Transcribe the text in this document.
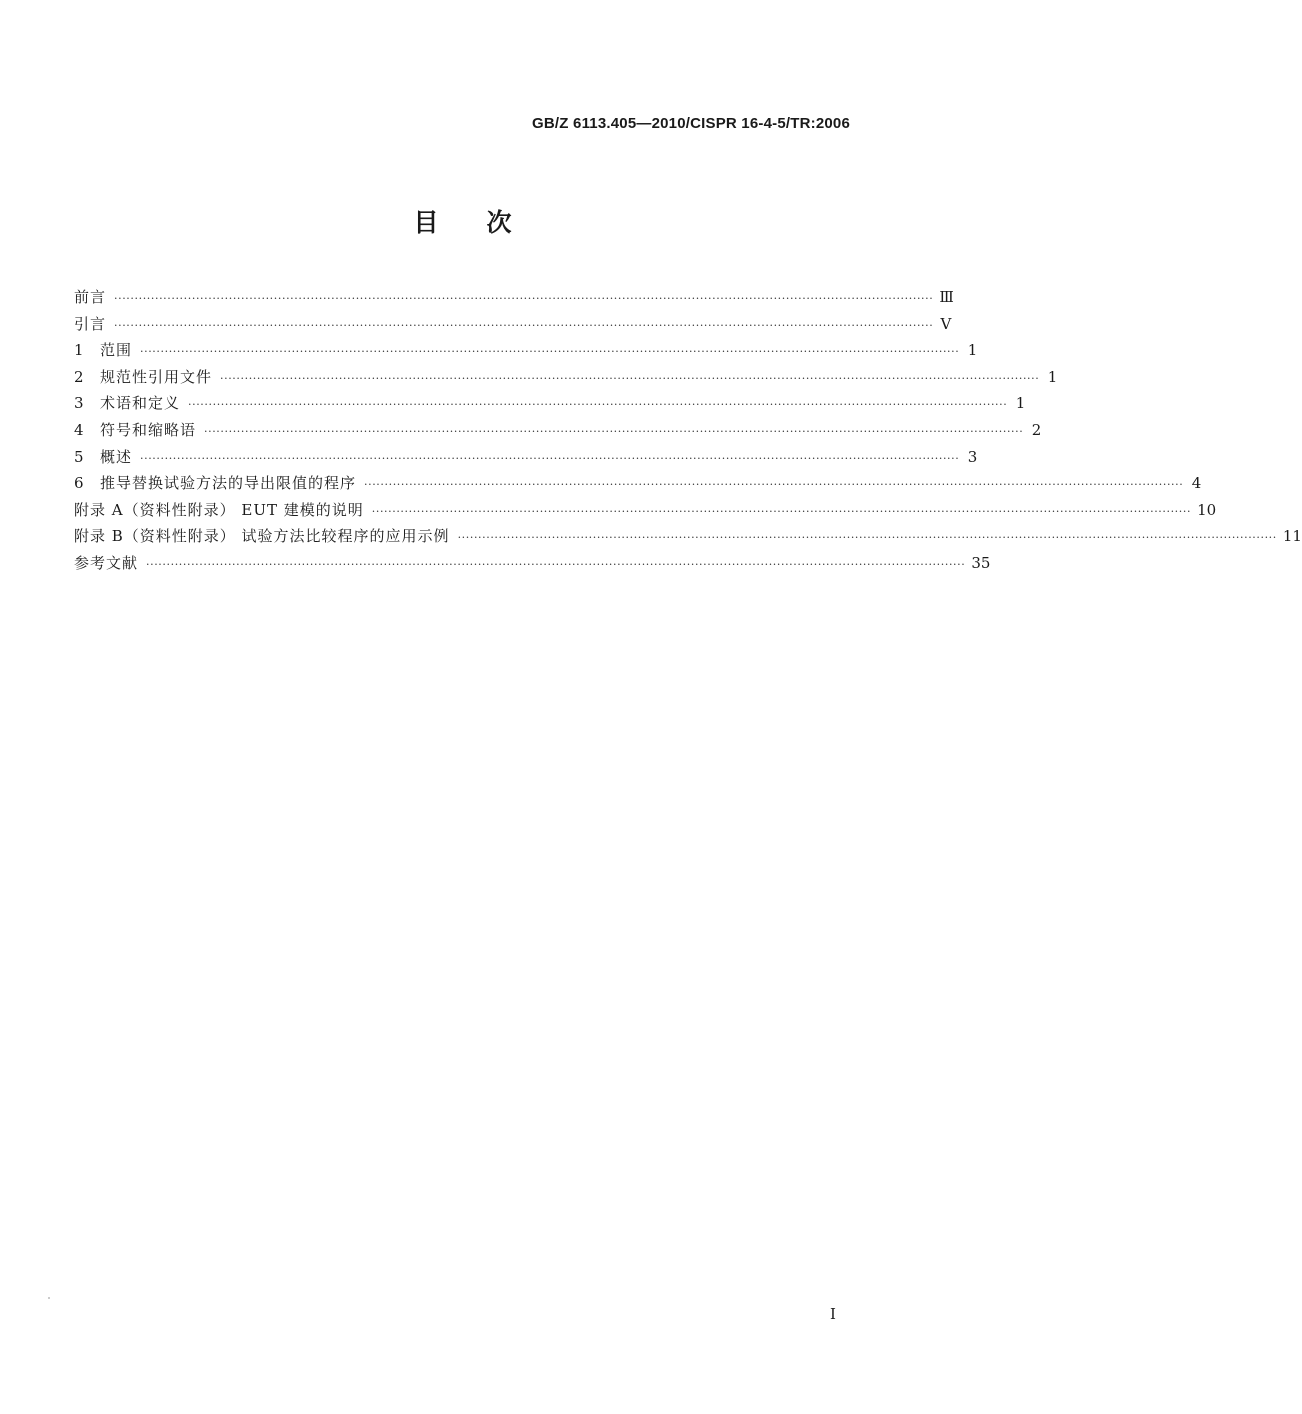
GB/Z 6113.405—2010/CISPR 16-4-5/TR:2006
目次
前言 ········································································································································································································ Ⅲ
引言 ········································································································································································································ Ⅴ
1	范围 ········································································································································································································ 1
2	规范性引用文件 ········································································································································································································ 1
3	术语和定义 ········································································································································································································ 1
4	符号和缩略语 ········································································································································································································ 2
5	概述 ········································································································································································································ 3
6	推导替换试验方法的导出限值的程序 ········································································································································································································ 4
附录 A（资料性附录） EUT 建模的说明 ········································································································································································································ 10
附录 B（资料性附录） 试验方法比较程序的应用示例 ········································································································································································································ 11
参考文献 ········································································································································································································ 35
Ⅰ
